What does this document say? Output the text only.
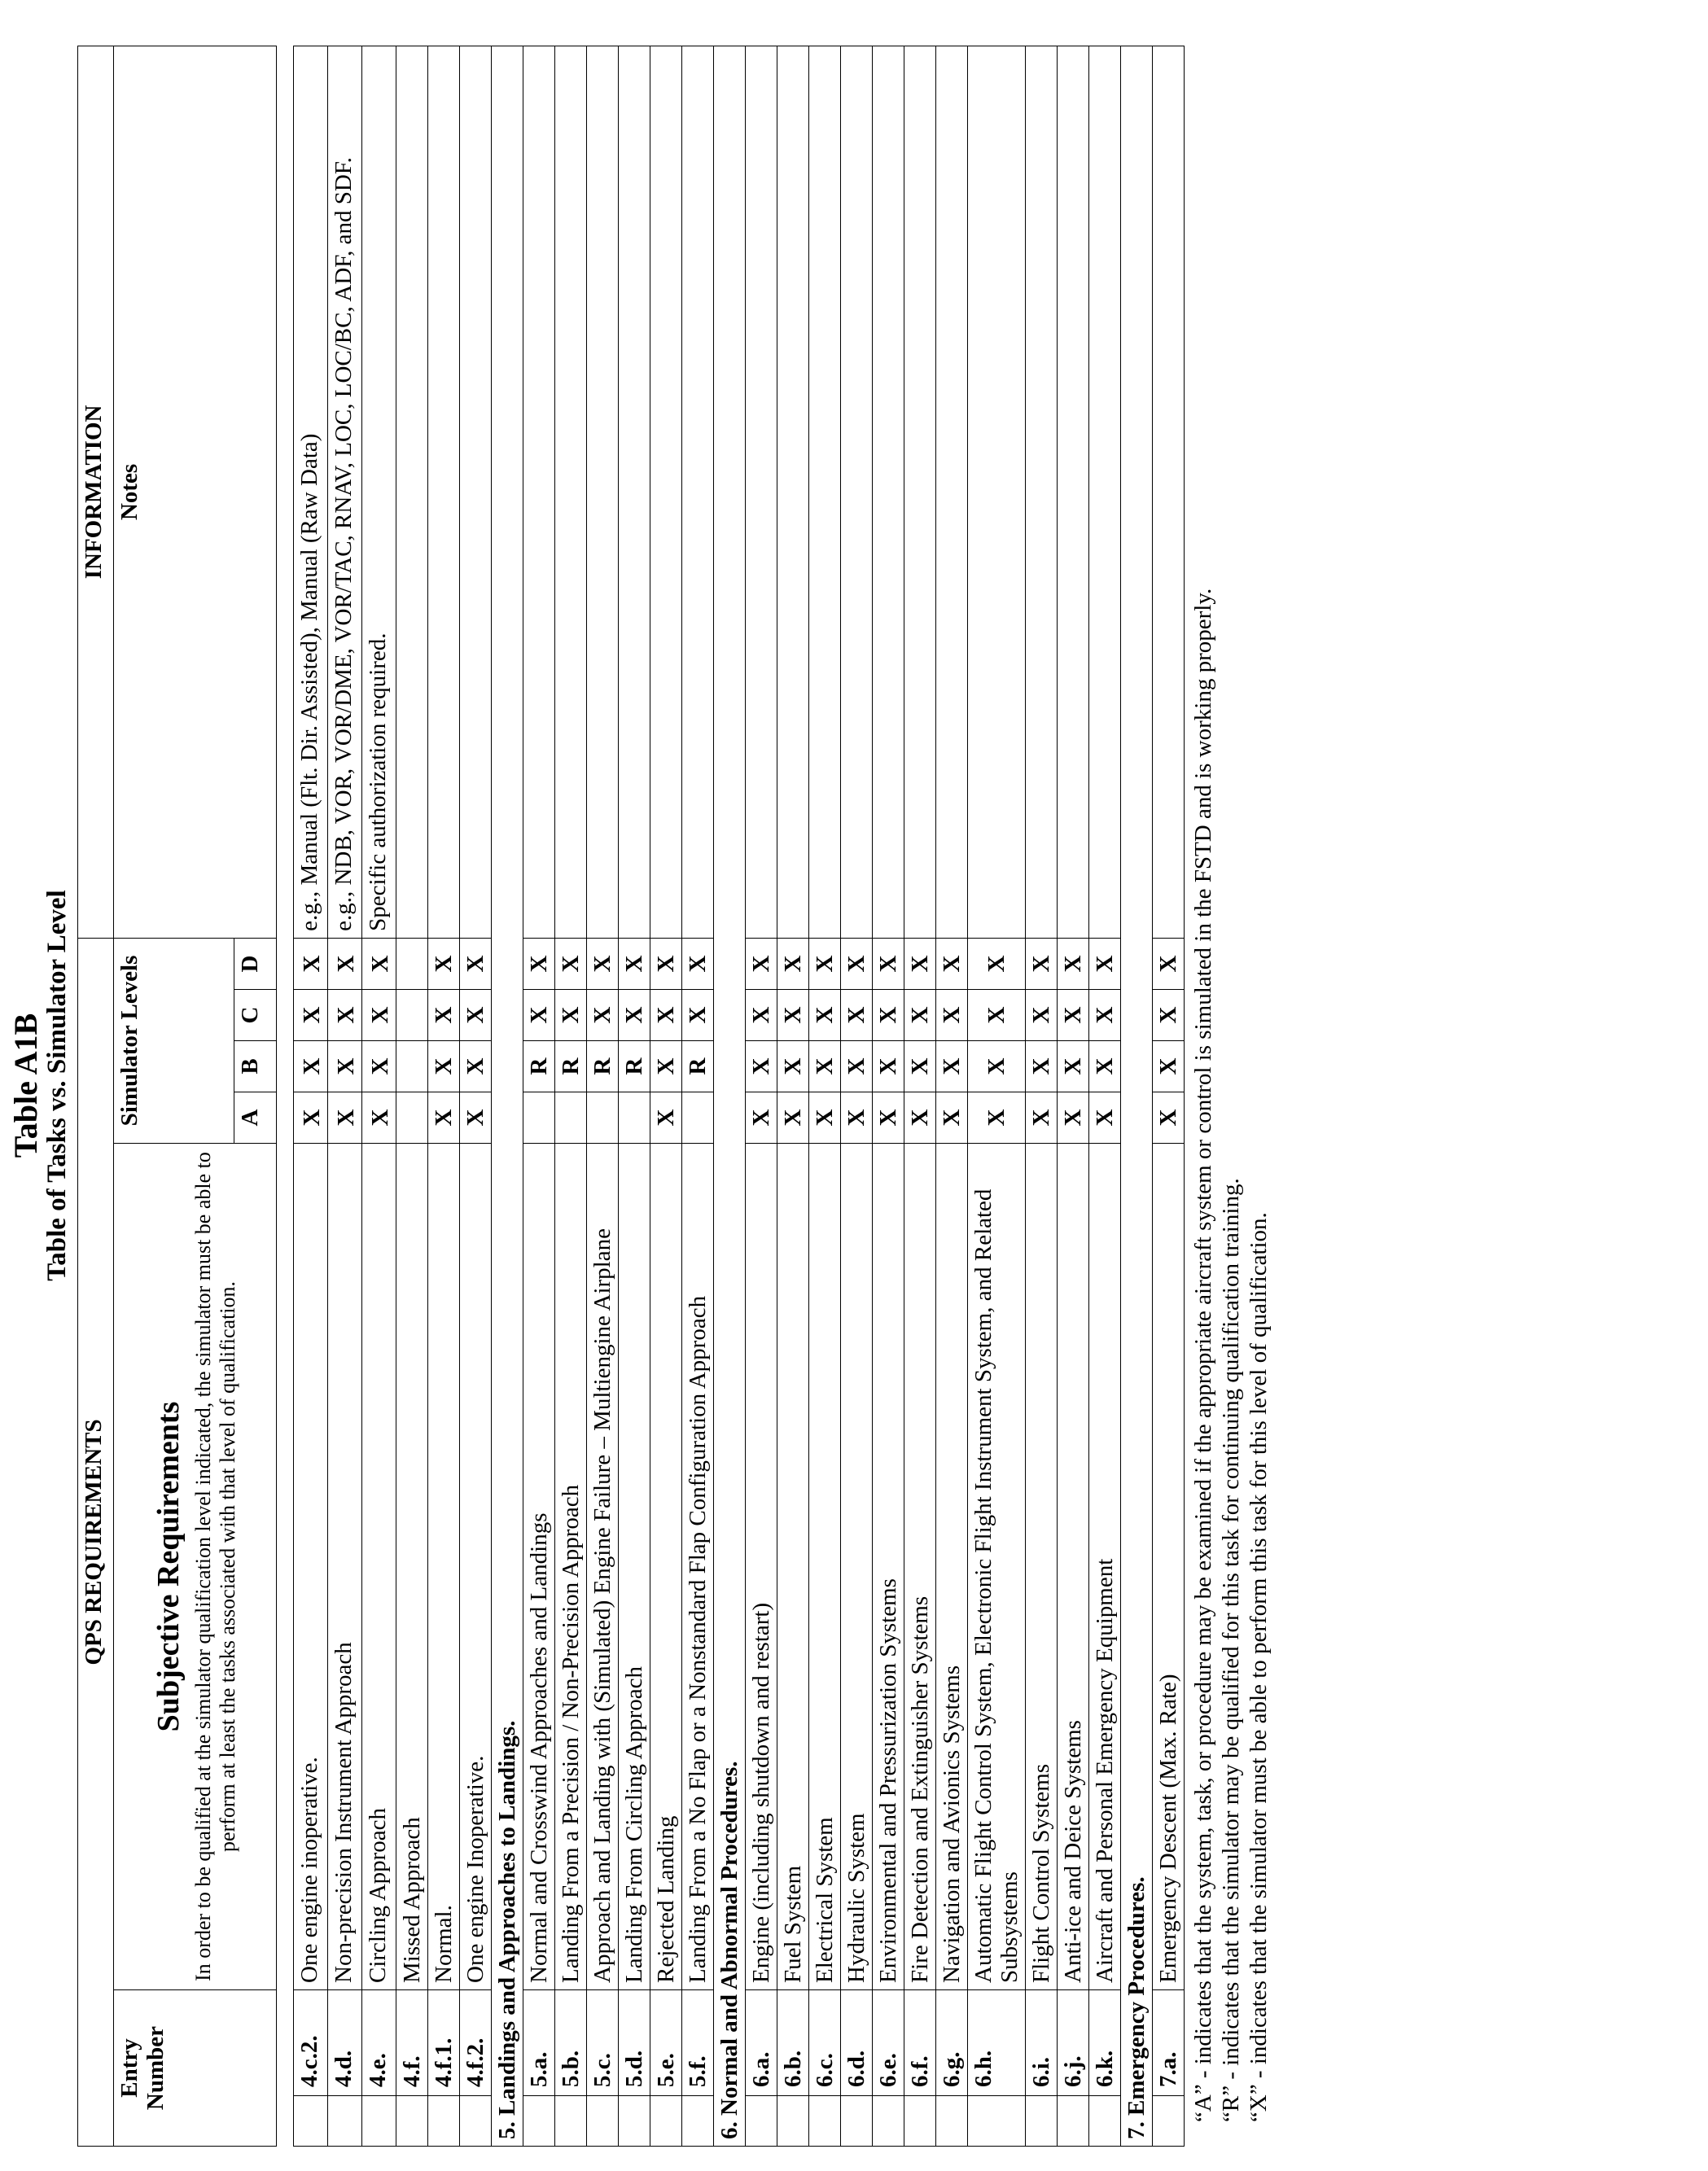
Table A1B
Table of Tasks vs. Simulator Level
QPS REQUIREMENTS							INFORMATION
Entry Number		Subjective Requirements In order to be qualified at the simulator qualification level indicated, the simulator must be able to perform at least the tasks associated with that level of qualification.	Simulator Levels				Notes
			A	B	C	D	

	4.c.2.	One engine inoperative.	X	X	X	X	e.g., Manual (Flt. Dir. Assisted), Manual (Raw Data)
	4.d.	Non-precision Instrument Approach	X	X	X	X	e.g., NDB, VOR, VOR/DME, VOR/TAC, RNAV, LOC, LOC/BC, ADF, and SDF.
	4.e.	Circling Approach	X	X	X	X	Specific authorization required.
	4.f.	Missed Approach					
	4.f.1.	Normal.	X	X	X	X	
	4.f.2.	One engine Inoperative.	X	X	X	X	
5. Landings and Approaches to Landings.							
	5.a.	Normal and Crosswind Approaches and Landings		R	X	X	
	5.b.	Landing From a Precision / Non-Precision Approach		R	X	X	
	5.c.	Approach and Landing with (Simulated) Engine Failure – Multiengine Airplane		R	X	X	
	5.d.	Landing From Circling Approach		R	X	X	
	5.e.	Rejected Landing	X	X	X	X	
	5.f.	Landing From a No Flap or a Nonstandard Flap Configuration Approach		R	X	X	
6. Normal and Abnormal Procedures.							
	6.a.	Engine (including shutdown and restart)	X	X	X	X	
	6.b.	Fuel System	X	X	X	X	
	6.c.	Electrical System	X	X	X	X	
	6.d.	Hydraulic System	X	X	X	X	
	6.e.	Environmental and Pressurization Systems	X	X	X	X	
	6.f.	Fire Detection and Extinguisher Systems	X	X	X	X	
	6.g.	Navigation and Avionics Systems	X	X	X	X	
	6.h.	Automatic Flight Control System, Electronic Flight Instrument System, and Related Subsystems	X	X	X	X	
	6.i.	Flight Control Systems	X	X	X	X	
	6.j.	Anti-ice and Deice Systems	X	X	X	X	
	6.k.	Aircraft and Personal Emergency Equipment	X	X	X	X	
7. Emergency Procedures.							
	7.a.	Emergency Descent (Max. Rate)	X	X	X	X	“A” - indicates that the system, task, or procedure may be examined if the appropriate aircraft system or control is simulated in the FSTD and is working properly. “R” - indicates that the simulator may be qualified for this task for continuing qualification training. “X” - indicates that the simulator must be able to perform this task for this level of qualification.
